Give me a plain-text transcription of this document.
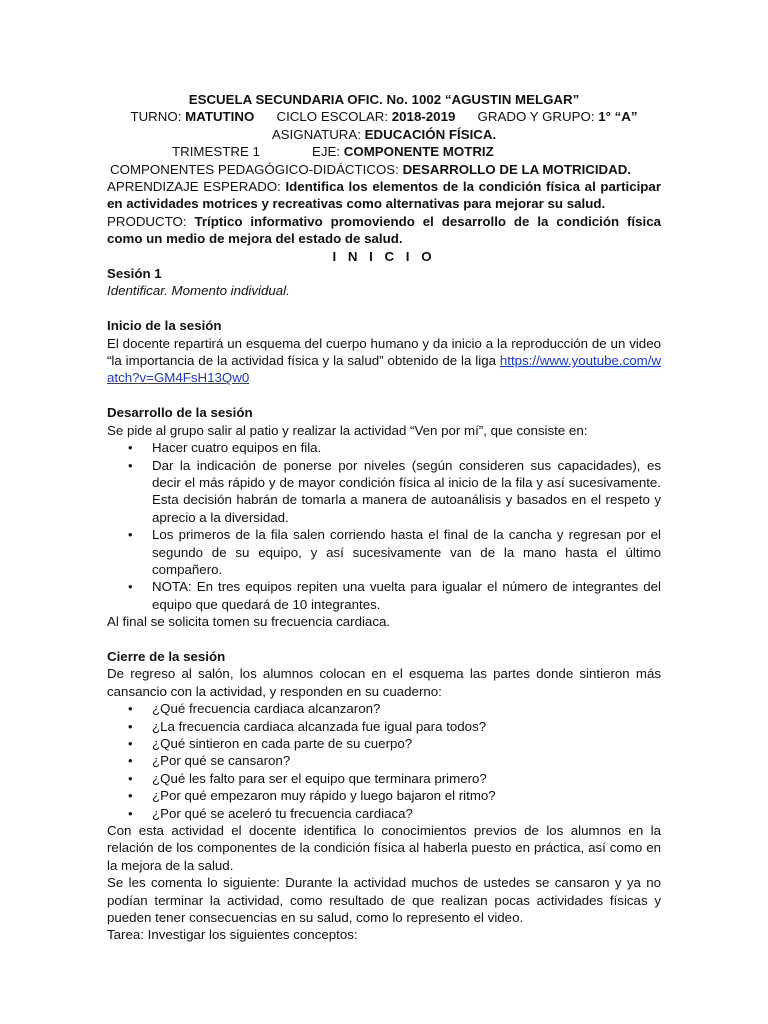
ESCUELA SECUNDARIA OFIC. No. 1002 “AGUSTIN MELGAR”
TURNO: MATUTINO CICLO ESCOLAR: 2018-2019 GRADO Y GRUPO: 1° “A”
ASIGNATURA: EDUCACIÓN FÍSICA.
TRIMESTRE 1	EJE: COMPONENTE MOTRIZ
COMPONENTES PEDAGÓGICO-DIDÁCTICOS: DESARROLLO DE LA MOTRICIDAD.
APRENDIZAJE ESPERADO: Identifica los elementos de la condición física al participar en actividades motrices y recreativas como alternativas para mejorar su salud.
PRODUCTO: Tríptico informativo promoviendo el desarrollo de la condición física como un medio de mejora del estado de salud.
I N I C I O
Sesión 1
Identificar. Momento individual.
Inicio de la sesión
El docente repartirá un esquema del cuerpo humano y da inicio a la reproducción de un video “la importancia de la actividad física y la salud” obtenido de la liga https://www.youtube.com/watch?v=GM4FsH13Qw0
Desarrollo de la sesión
Se pide al grupo salir al patio y realizar la actividad “Ven por mí”, que consiste en:
• Hacer cuatro equipos en fila.
• Dar la indicación de ponerse por niveles (según consideren sus capacidades), es decir el más rápido y de mayor condición física al inicio de la fila y así sucesivamente. Esta decisión habrán de tomarla a manera de autoanálisis y basados en el respeto y aprecio a la diversidad.
• Los primeros de la fila salen corriendo hasta el final de la cancha y regresan por el segundo de su equipo, y así sucesivamente van de la mano hasta el último compañero.
• NOTA: En tres equipos repiten una vuelta para igualar el número de integrantes del equipo que quedará de 10 integrantes.
Al final se solicita tomen su frecuencia cardiaca.
Cierre de la sesión
De regreso al salón, los alumnos colocan en el esquema las partes donde sintieron más cansancio con la actividad, y responden en su cuaderno:
• ¿Qué frecuencia cardiaca alcanzaron?
• ¿La frecuencia cardiaca alcanzada fue igual para todos?
• ¿Qué sintieron en cada parte de su cuerpo?
• ¿Por qué se cansaron?
• ¿Qué les falto para ser el equipo que terminara primero?
• ¿Por qué empezaron muy rápido y luego bajaron el ritmo?
• ¿Por qué se aceleró tu frecuencia cardiaca?
Con esta actividad el docente identifica lo conocimientos previos de los alumnos en la relación de los componentes de la condición física al haberla puesto en práctica, así como en la mejora de la salud.
Se les comenta lo siguiente: Durante la actividad muchos de ustedes se cansaron y ya no podían terminar la actividad, como resultado de que realizan pocas actividades físicas y pueden tener consecuencias en su salud, como lo represento el video.
Tarea: Investigar los siguientes conceptos:
